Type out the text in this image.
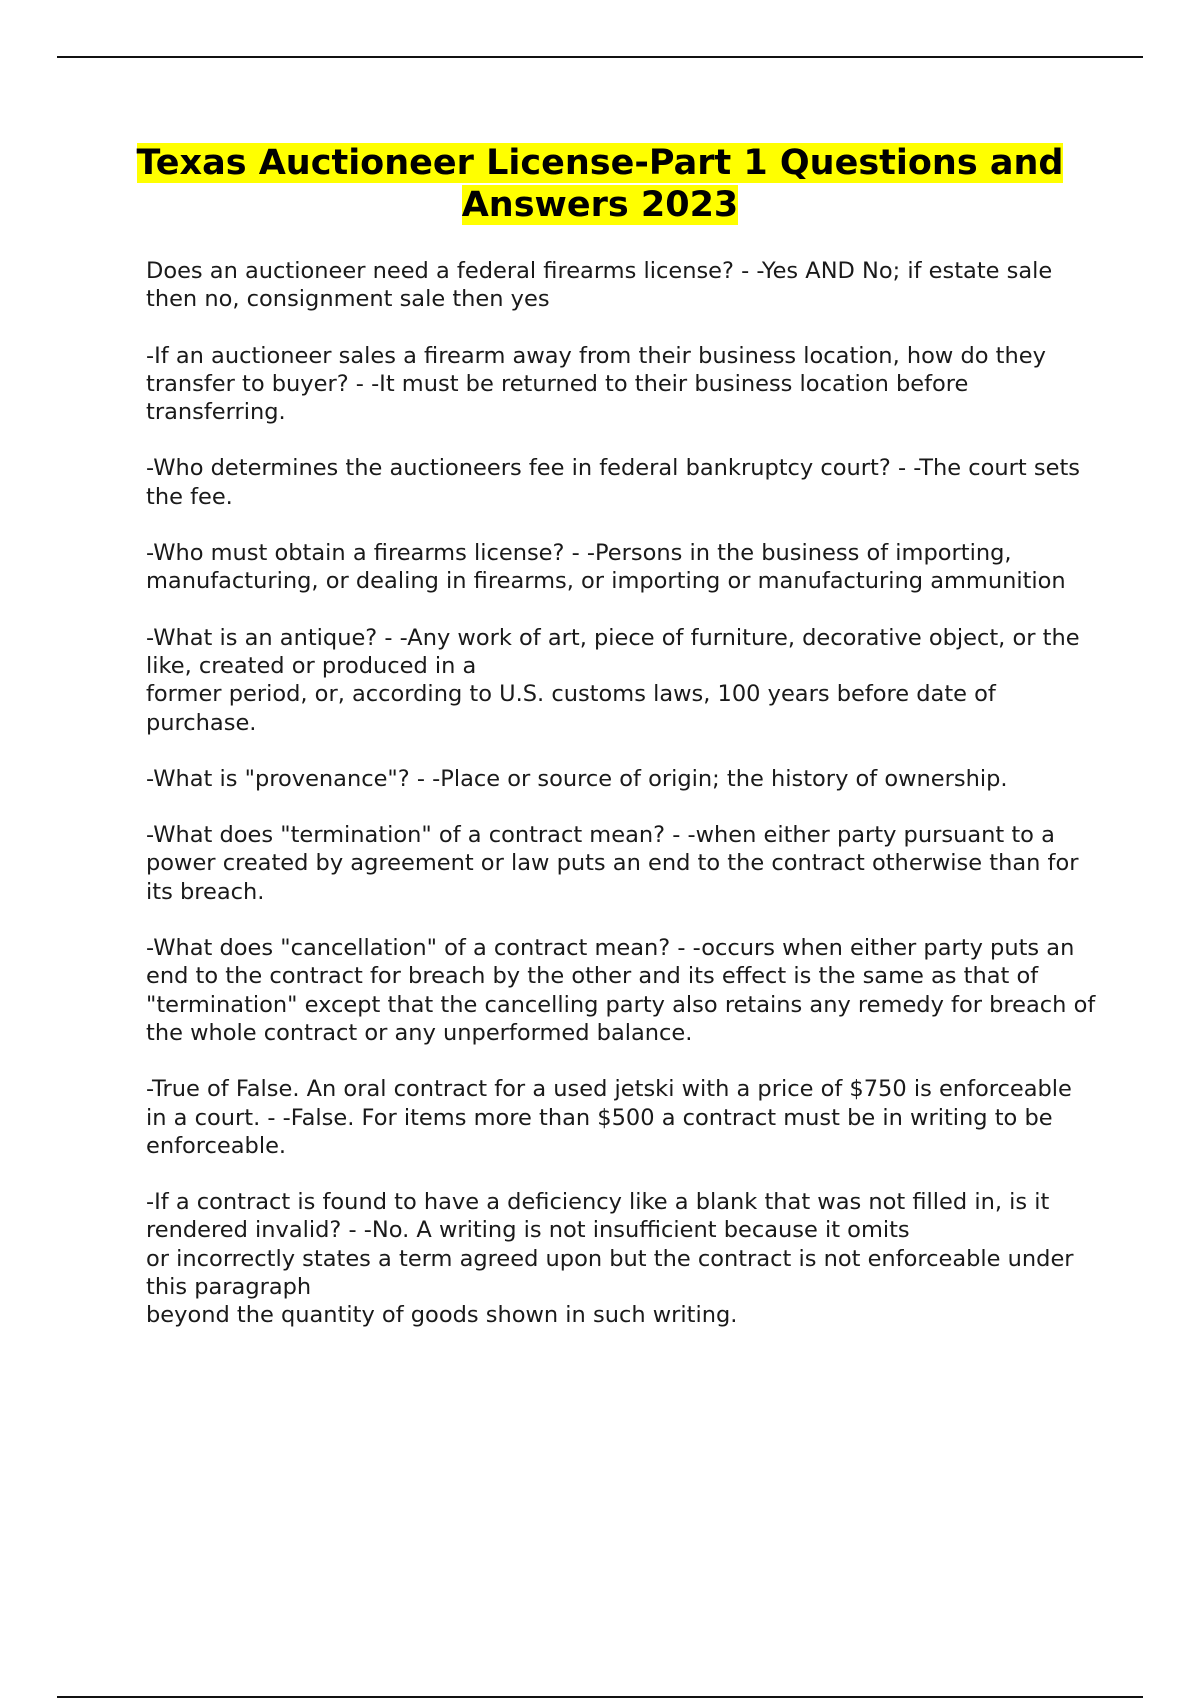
Texas Auctioneer License-Part 1 Questions and Answers 2023

Does an auctioneer need a federal firearms license? - -Yes AND No; if estate sale then no, consignment sale then yes

-If an auctioneer sales a firearm away from their business location, how do they transfer to buyer? - -It must be returned to their business location before transferring.

-Who determines the auctioneers fee in federal bankruptcy court? - -The court sets the fee.

-Who must obtain a firearms license? - -Persons in the business of importing, manufacturing, or dealing in firearms, or importing or manufacturing ammunition

-What is an antique? - -Any work of art, piece of furniture, decorative object, or the like, created or produced in a
former period, or, according to U.S. customs laws, 100 years before date of purchase.

-What is "provenance"? - -Place or source of origin; the history of ownership.

-What does "termination" of a contract mean? - -when either party pursuant to a power created by agreement or law puts an end to the contract otherwise than for its breach.

-What does "cancellation" of a contract mean? - -occurs when either party puts an end to the contract for breach by the other and its effect is the same as that of "termination" except that the cancelling party also retains any remedy for breach of the whole contract or any unperformed balance.

-True of False. An oral contract for a used jetski with a price of $750 is enforceable in a court. - -False. For items more than $500 a contract must be in writing to be enforceable.

-If a contract is found to have a deficiency like a blank that was not filled in, is it rendered invalid? - -No. A writing is not insufficient because it omits
or incorrectly states a term agreed upon but the contract is not enforceable under this paragraph
beyond the quantity of goods shown in such writing.
